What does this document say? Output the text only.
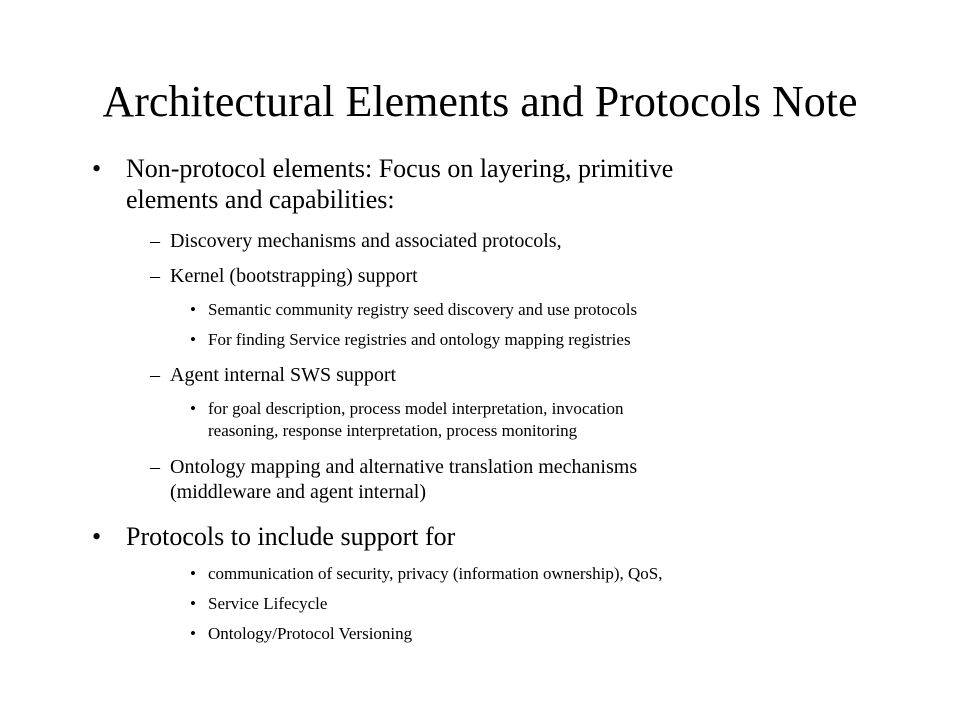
Architectural Elements and Protocols Note
• Non-protocol elements: Focus on layering, primitive
elements and capabilities:
– Discovery mechanisms and associated protocols,
– Kernel (bootstrapping) support
• Semantic community registry seed discovery and use protocols
• For finding Service registries and ontology mapping registries
– Agent internal SWS support
• for goal description, process model interpretation, invocation
reasoning, response interpretation, process monitoring
– Ontology mapping and alternative translation mechanisms
(middleware and agent internal)
• Protocols to include support for
• communication of security, privacy (information ownership), QoS,
• Service Lifecycle
• Ontology/Protocol Versioning
